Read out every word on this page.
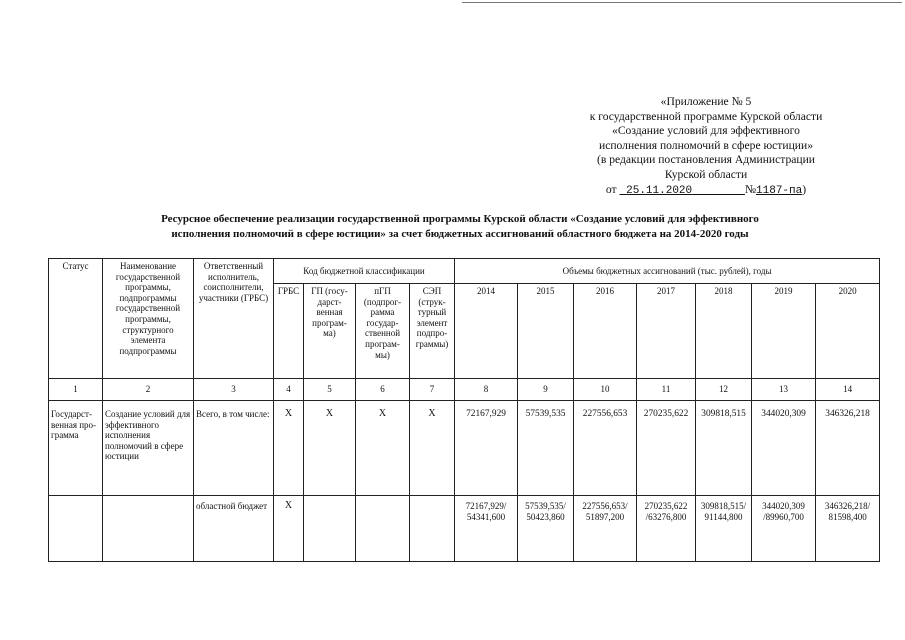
«Приложение № 5
к государственной программе Курской области
«Создание условий для эффективного
исполнения полномочий в сфере юстиции»
(в редакции постановления Администрации
Курской области
от 25.11.2020	№1187-па)
Ресурсное обеспечение реализации государственной программы Курской области «Создание условий для эффективного
исполнения полномочий в сфере юстиции» за счет бюджетных ассигнований областного бюджета на 2014-2020 годы
Статус	Наименование государственной программы, подпрограммы государственной программы, структурного элемента подпрограммы	Ответственный исполнитель, соисполнители, участники (ГРБС)	Код бюджетной классификации				Объемы бюджетных ассигнований (тыс. рублей), годы						
			ГРБС	ГП (госу-дарст-венная програм-ма)	пГП (подпрог-рамма государ-ственной програм-мы)	СЭП (струк-турный элемент подпро-граммы)	2014	2015	2016	2017	2018	2019	2020
1	2	3	4	5	6	7	8	9	10	11	12	13	14
Государст-венная про-грамма	Создание условий для эффективного исполнения полномочий в сфере юстиции	Всего, в том числе:	Х	Х	Х	Х	72167,929	57539,535	227556,653	270235,622	309818,515	344020,309	346326,218
		областной бюджет	Х				72167,929/ 54341,600	57539,535/ 50423,860	227556,653/ 51897,200	270235,622 /63276,800	309818,515/ 91144,800	344020,309 /89960,700	346326,218/ 81598,400
